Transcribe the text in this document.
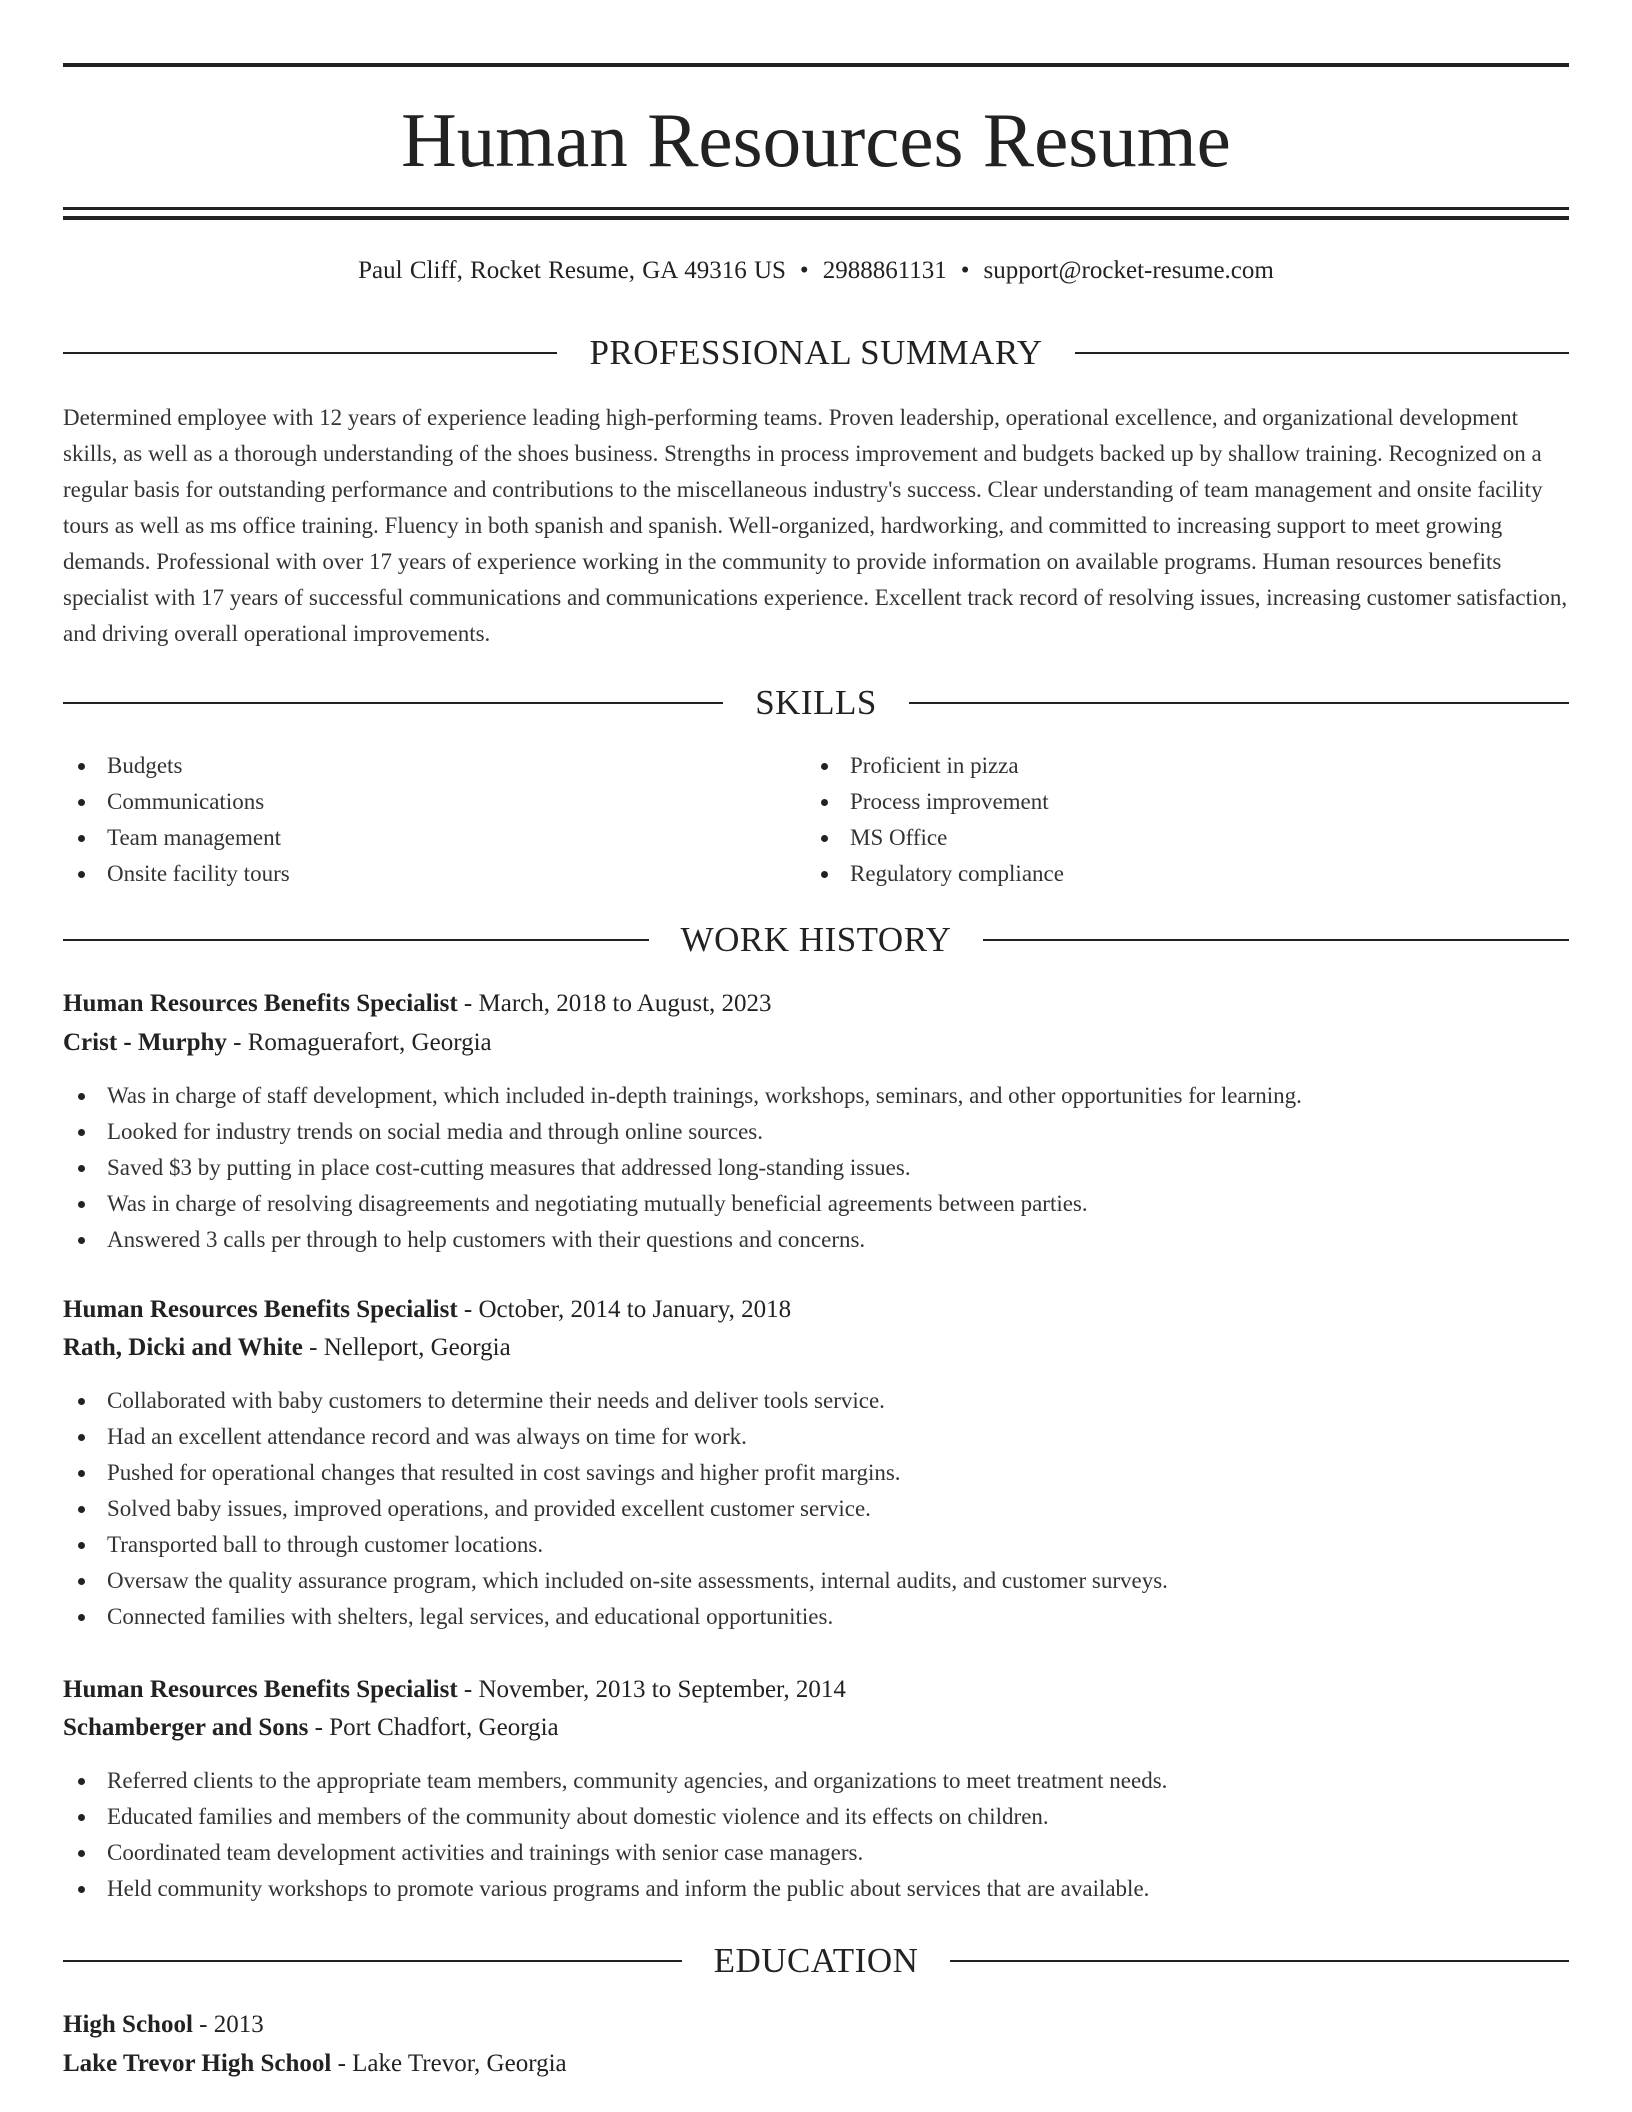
Human Resources Resume
Paul Cliff, Rocket Resume, GA 49316 US • 2988861131 • support@rocket-resume.com
PROFESSIONAL SUMMARY

Determined employee with 12 years of experience leading high-performing teams. Proven leadership, operational excellence, and organizational development skills, as well as a thorough understanding of the shoes business. Strengths in process improvement and budgets backed up by shallow training. Recognized on a regular basis for outstanding performance and contributions to the miscellaneous industry's success. Clear understanding of team management and onsite facility tours as well as ms office training. Fluency in both spanish and spanish. Well-organized, hardworking, and committed to increasing support to meet growing demands. Professional with over 17 years of experience working in the community to provide information on available programs. Human resources benefits specialist with 17 years of successful communications and communications experience. Excellent track record of resolving issues, increasing customer satisfaction, and driving overall operational improvements.

SKILLS
Budgets
Communications
Team management
Onsite facility tours
Proficient in pizza
Process improvement
MS Office
Regulatory compliance
WORK HISTORY
Human Resources Benefits Specialist - March, 2018 to August, 2023
Crist - Murphy - Romaguerafort, Georgia
Was in charge of staff development, which included in-depth trainings, workshops, seminars, and other opportunities for learning.
Looked for industry trends on social media and through online sources.
Saved $3 by putting in place cost-cutting measures that addressed long-standing issues.
Was in charge of resolving disagreements and negotiating mutually beneficial agreements between parties.
Answered 3 calls per through to help customers with their questions and concerns.
Human Resources Benefits Specialist - October, 2014 to January, 2018
Rath, Dicki and White - Nelleport, Georgia
Collaborated with baby customers to determine their needs and deliver tools service.
Had an excellent attendance record and was always on time for work.
Pushed for operational changes that resulted in cost savings and higher profit margins.
Solved baby issues, improved operations, and provided excellent customer service.
Transported ball to through customer locations.
Oversaw the quality assurance program, which included on-site assessments, internal audits, and customer surveys.
Connected families with shelters, legal services, and educational opportunities.
Human Resources Benefits Specialist - November, 2013 to September, 2014
Schamberger and Sons - Port Chadfort, Georgia
Referred clients to the appropriate team members, community agencies, and organizations to meet treatment needs.
Educated families and members of the community about domestic violence and its effects on children.
Coordinated team development activities and trainings with senior case managers.
Held community workshops to promote various programs and inform the public about services that are available.
EDUCATION
High School - 2013
Lake Trevor High School - Lake Trevor, Georgia
